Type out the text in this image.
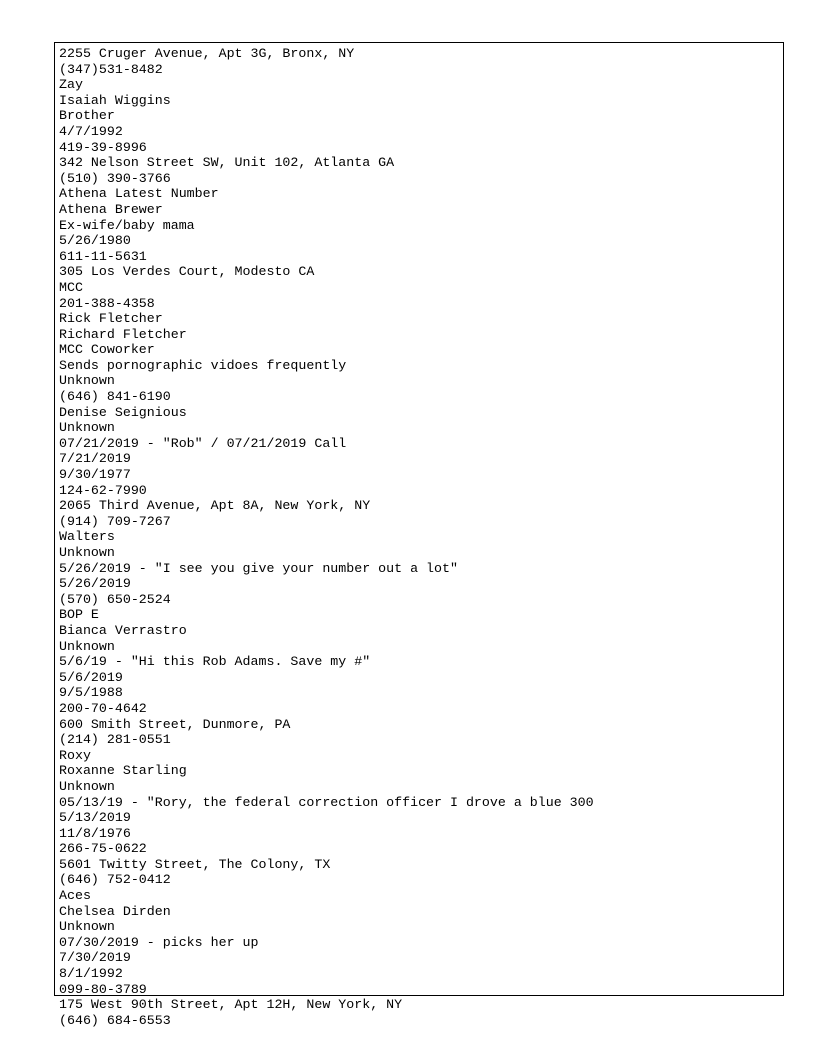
2255 Cruger Avenue, Apt 3G, Bronx, NY
(347)531-8482
Zay
Isaiah Wiggins
Brother
4/7/1992
419-39-8996
342 Nelson Street SW, Unit 102, Atlanta GA
(510) 390-3766
Athena Latest Number
Athena Brewer
Ex-wife/baby mama
5/26/1980
611-11-5631
305 Los Verdes Court, Modesto CA
MCC
201-388-4358
Rick Fletcher
Richard Fletcher
MCC Coworker
Sends pornographic vidoes frequently
Unknown
(646) 841-6190
Denise Seignious
Unknown
07/21/2019 - "Rob" / 07/21/2019 Call
7/21/2019
9/30/1977
124-62-7990
2065 Third Avenue, Apt 8A, New York, NY
(914) 709-7267
Walters
Unknown
5/26/2019 - "I see you give your number out a lot"
5/26/2019
(570) 650-2524
BOP E
Bianca Verrastro
Unknown
5/6/19 - "Hi this Rob Adams. Save my #"
5/6/2019
9/5/1988
200-70-4642
600 Smith Street, Dunmore, PA
(214) 281-0551
Roxy
Roxanne Starling
Unknown
05/13/19 - "Rory, the federal correction officer I drove a blue 300
5/13/2019
11/8/1976
266-75-0622
5601 Twitty Street, The Colony, TX
(646) 752-0412
Aces
Chelsea Dirden
Unknown
07/30/2019 - picks her up
7/30/2019
8/1/1992
099-80-3789
175 West 90th Street, Apt 12H, New York, NY
(646) 684-6553
